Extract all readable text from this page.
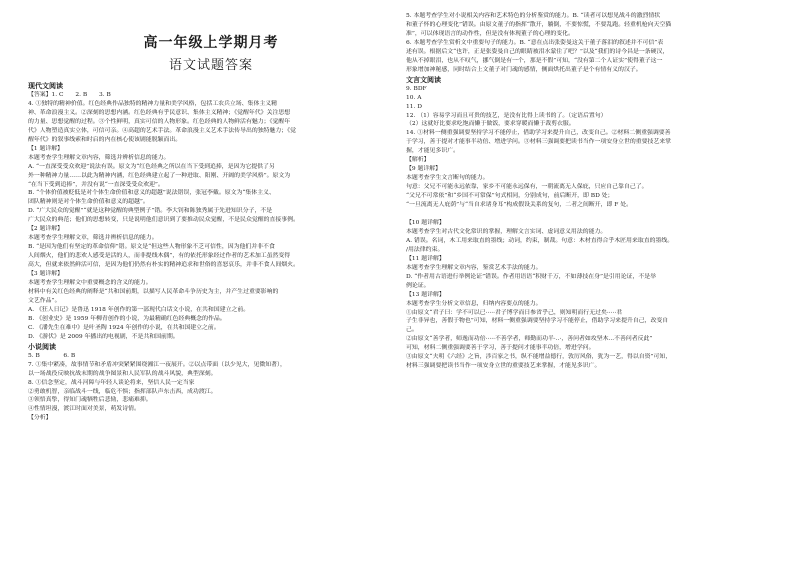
高一年级上学期月考

语文试题答案

现代文阅读

【答案】1. C　　2. B　　3. B

4. ①独特的精神价值。红色经典作品独特的精神力量和美学风格，包括工农兵立场、集体主义精

神、革命浪漫主义。②深刻的思想内涵。红色经典有乎民意识、集体主义精神；《觉醒年代》关注思想

的力量、思想觉醒的过程。③个性鲜明，真实可信的人物形象。红色经典的人物鲜活有魅力；《觉醒年

代》人物塑造真实立体，可信可亲。④高超的艺术手法。革命浪漫主义艺术手法传导出的独特魅力；《觉

醒年代》的叙事线索和时启的内在核心使该剧能脱颖而出。

【1 题详解】

本题考查学生理解文章内容，筛选并辨析信息的能力。

A. “一直深受受众欢迎”说法有误。原文为“红色经典之所以在当下受到追捧，是因为它提供了另

外一种精神力量……以此为精神内涵，红色经典建立起了一种进取、阳刚、开阔的美学风格”。原文为

“在当下受到追捧”，并没有说“一直深受受众欢迎”。

B. “个体价值被贬低是对个体生命价值和意义的超越”说法错误，张冠李戴。原文为“集体主义、

团队精神则是对个体生命价值和意义的超越”。

D. “广大民众的觉醒”“就是这种觉醒的典型例子”错。李大钊和陈独秀属于先进知识分子，不是

广大民众的典范；他们的思想转变，只是说明他们意识到了要推动民众觉醒，不是民众觉醒的直接事例。

【2 题详解】

本题考查学生理解文章，筛选并辨析信息的能力。

B. “是因为他们有坚定的革命信仰”错。原文是“但这些人物形象不乏可信性，因为他们并非不食

人间烟火，他们的悲欢人感受是活的人，而非提线木偶”，有的依托形象经过作者的艺术加工虽然变得

高大，但就来依然鲜活可信，是因为他们仍然有朴实的精神追求和世俗的喜怒哀乐，并非不食人间烟火。

【3 题详解】

本题考查学生理解文中重要概念的含义的能力。

材料中有关红色经典的阐释是“共和国前期，以描写人民革命斗争历史为主，并产生过重要影响的

文艺作品”。

A. 《狂人日记》是鲁迅 1918 年创作的第一部现代白话文小说，在共和国建立之前。

B. 《创业史》是 1959 年柳青创作的小说，为最精确红色经典概念的作品。

C. 《潘先生在难中》是叶圣陶 1924 年创作的小说，在共和国建立之前。

D. 《游伏》是 2009 年播出的电视剧，不是共和国前期。

小说阅读

5. B　　　　6. B

7. ①集中紧凑，故事情节和矛盾冲突紧紧围绕湘江一夜展开。②以点带面（以少见大，见微知著），

以一场战役反映抗战末期的战争图景和人民军队的战斗风貌，典型深刻。

8. ①信念坚定，战斗河障与年轻人谈论将来，坚信人民一定当家

②勇敢机智，亲临战斗一线，临危不惧；指挥部队声东击西，成功渡江。

③领悟真挚，得知门魂牺牲后悲恸，悲痛难抑。

④性情坦漫，渡江时面对美景，萌发诗情。

【分析】

5. 本题考查学生对小说相关内容和艺术特色的分析鉴赏的能力。B. “读者可以想见战斗的激烈情状

和董子怀的心理变化”错误。由原文董子的指挥“散开，躺倒，不要惊慌，不要乱跑。轻重机枪向天空猫

准”，可以体现语言的动作性，但是没有体现董子的心理的变化。

6. 本题考查学生赏析文中重要句子的能力。B. “意在点出张姿曼这关于董子落泪的叙述并不可信”表

述有误。根据后文“也许，正是张姿曼自己的眼睛被泪水蒙住了吧？”以及“我们的诗今昌是一条硬汉，

他从不掉眼泪，也从不叹气，挪气倒是有一个，那是不假”可知，“没有第二个人证实”使得董子这一

形象增加神秘感，同时结合上文董子对门魂的感情，侧面烘托出董子是个有情有义的汉子。

文言文阅读

9. BDF

10. A

11. D

12. （1）容易学习而且可贵的技艺，是没有比得上读书的了。（定语后置句）

（2）这就好比要求吃饱而懒于做饭，要求穿暖而懒于裁剪衣服。

14. ①材料一侧重强调要坚持学习不能停止，借助学习来提升自己，改变自己。②材料二侧重强调要善

于学习，善于提对才能事半功倍、增进学问。③材料三强调要把读书当作一项安身立世的重要技艺来掌

握，才能见多识广。

【解析】

【9 题详解】

本题考查学生文言断句的能力。

句意：父兄不可能永远依靠，家乡不可能永远保有，一朝流离无人保庇，只应自己靠自己了。

“父兄不可常依”和“乡国不可常保”句式相同，分别成句，前后断开，即 BD 处；

“一旦流离无人庇荫”与“当自求诸身耳”构成假设关系的复句，二者之间断开，即 F 处。

【10 题详解】

本题考查学生对古代文化常识的掌握，理解文言实词、虚词意义用法的能力。

A. 错误。名词，木工用来取直的墨线；动词，约束，制裁。句意：木材直得合乎木匠用来取直的墨线。

/用法律约束。

【11 题详解】

本题考查学生理解文章内容，鉴赏艺术手法的能力。

D. “作者用古语进行举例论证”错误。作者用语语“积财千万，不如薄技在身”是引用论证，不是举

例论证。

【13 题详解】

本题考查学生分析文章信息，归纳内容要点的能力。

①由原文“君子曰：学不可以已·····君子博学而日参省乎己，则知明而行无过矣·····君

子生非异也，善假于物也”可知，材料一侧重强调要坚持学习不能停止，借助学习来提升自己，改变自

己。

②由原文“善学者，师逸而功倍·····不善学者，师勤而功半·..·，善问者如攻坚木...不善问者反此”

可知，材料二侧重强调要善于学习，善于提问才能事半功倍，增进学问。

③由原文“夫明《六经》之旨，涉百家之书，纵不能增益德行，敦厉风俗，犹为一艺，得以自资”可知，

材料三强调要把读书当作一项安身立世的重要技艺来掌握，才能见多识广。
